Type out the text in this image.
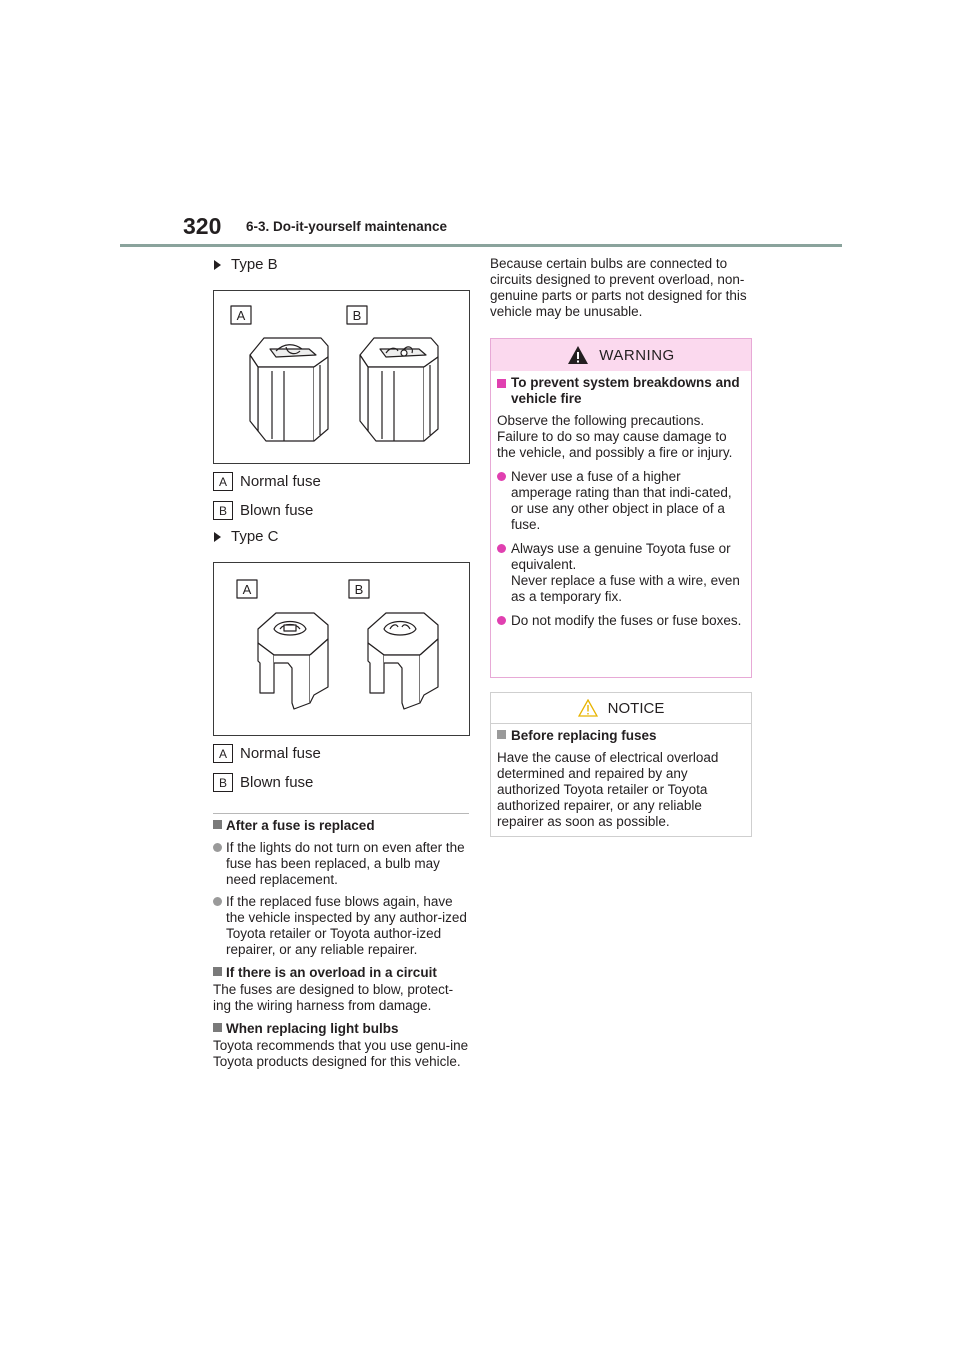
320 6-3. Do-it-yourself maintenance
Type B
A	B
A Normal fuse
B Blown fuse
Type C
A	B
A Normal fuse
B Blown fuse
After a fuse is replaced
If the lights do not turn on even after the fuse has been replaced, a bulb may need replacement.
If the replaced fuse blows again, have the vehicle inspected by any author-ized Toyota retailer or Toyota author-ized repairer, or any reliable repairer.
If there is an overload in a circuit
The fuses are designed to blow, protect-ing the wiring harness from damage.
When replacing light bulbs
Toyota recommends that you use genu-ine Toyota products designed for this vehicle.
Because certain bulbs are connected to circuits designed to prevent overload, non-genuine parts or parts not designed for this vehicle may be unusable.
WARNING
To prevent system breakdowns and vehicle fire
Observe the following precautions. Failure to do so may cause damage to the vehicle, and possibly a fire or injury.
Never use a fuse of a higher amperage rating than that indi-cated, or use any other object in place of a fuse.
Always use a genuine Toyota fuse or equivalent.
Never replace a fuse with a wire, even as a temporary fix.
Do not modify the fuses or fuse boxes.
NOTICE
Before replacing fuses
Have the cause of electrical overload determined and repaired by any authorized Toyota retailer or Toyota authorized repairer, or any reliable repairer as soon as possible.
